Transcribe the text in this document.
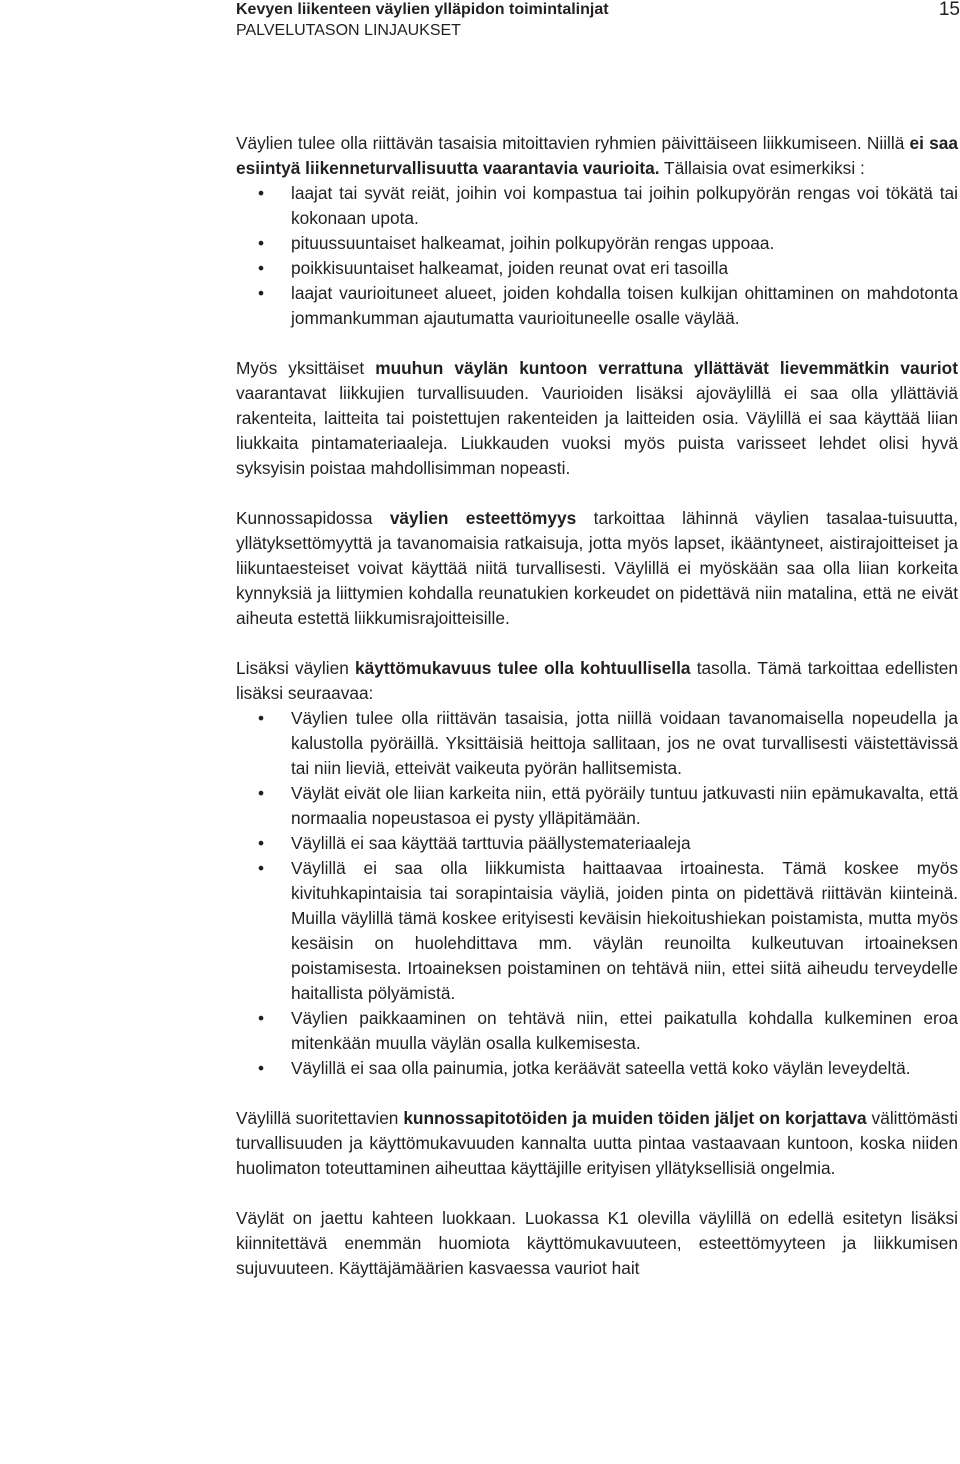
Kevyen liikenteen väylien ylläpidon toimintalinjat
PALVELUTASON LINJAUKSET
15

Väylien tulee olla riittävän tasaisia mitoittavien ryhmien päivittäiseen liikkumiseen. Niillä ei saa esiintyä liikenneturvallisuutta vaarantavia vaurioita. Tällaisia ovat esimerkiksi :

• laajat tai syvät reiät, joihin voi kompastua tai joihin polkupyörän rengas voi tökätä tai kokonaan upota.
• pituussuuntaiset halkeamat, joihin polkupyörän rengas uppoaa.
• poikkisuuntaiset halkeamat, joiden reunat ovat eri tasoilla
• laajat vaurioituneet alueet, joiden kohdalla toisen kulkijan ohittaminen on mahdotonta jommankumman ajautumatta vaurioituneelle osalle väylää.

Myös yksittäiset muuhun väylän kuntoon verrattuna yllättävät lievemmätkin vauriot vaarantavat liikkujien turvallisuuden. Vaurioiden lisäksi ajoväylillä ei saa olla yllättäviä rakenteita, laitteita tai poistettujen rakenteiden ja laitteiden osia. Väylillä ei saa käyttää liian liukkaita pintamateriaaleja. Liukkauden vuoksi myös puista varisseet lehdet olisi hyvä syksyisin poistaa mahdollisimman nopeasti.

Kunnossapidossa väylien esteettömyys tarkoittaa lähinnä väylien tasalaa-tuisuutta, yllätyksettömyyttä ja tavanomaisia ratkaisuja, jotta myös lapset, ikääntyneet, aistirajoitteiset ja liikuntaesteiset voivat käyttää niitä turvallisesti. Väylillä ei myöskään saa olla liian korkeita kynnyksiä ja liittymien kohdalla reunatukien korkeudet on pidettävä niin matalina, että ne eivät aiheuta estettä liikkumisrajoitteisille.

Lisäksi väylien käyttömukavuus tulee olla kohtuullisella tasolla. Tämä tarkoittaa edellisten lisäksi seuraavaa:

• Väylien tulee olla riittävän tasaisia, jotta niillä voidaan tavanomaisella nopeudella ja kalustolla pyöräillä. Yksittäisiä heittoja sallitaan, jos ne ovat turvallisesti väistettävissä tai niin lieviä, etteivät vaikeuta pyörän hallitsemista.
• Väylät eivät ole liian karkeita niin, että pyöräily tuntuu jatkuvasti niin epämukavalta, että normaalia nopeustasoa ei pysty ylläpitämään.
• Väylillä ei saa käyttää tarttuvia päällystemateriaaleja
• Väylillä ei saa olla liikkumista haittaavaa irtoainesta. Tämä koskee myös kivituhkapintaisia tai sorapintaisia väyliä, joiden pinta on pidettävä riittävän kiinteinä. Muilla väylillä tämä koskee erityisesti keväisin hiekoitushiekan poistamista, mutta myös kesäisin on huolehdittava mm. väylän reunoilta kulkeutuvan irtoaineksen poistamisesta. Irtoaineksen poistaminen on tehtävä niin, ettei siitä aiheudu terveydelle haitallista pölyämistä.
• Väylien paikkaaminen on tehtävä niin, ettei paikatulla kohdalla kulkeminen eroa mitenkään muulla väylän osalla kulkemisesta.
• Väylillä ei saa olla painumia, jotka keräävät sateella vettä koko väylän leveydeltä.

Väylillä suoritettavien kunnossapitotöiden ja muiden töiden jäljet on korjattava välittömästi turvallisuuden ja käyttömukavuuden kannalta uutta pintaa vastaavaan kuntoon, koska niiden huolimaton toteuttaminen aiheuttaa käyttäjille erityisen yllätyksellisiä ongelmia.

Väylät on jaettu kahteen luokkaan. Luokassa K1 olevilla väylillä on edellä esitetyn lisäksi kiinnitettävä enemmän huomiota käyttömukavuuteen, esteettömyyteen ja liikkumisen sujuvuuteen. Käyttäjämäärien kasvaessa vauriot hait
